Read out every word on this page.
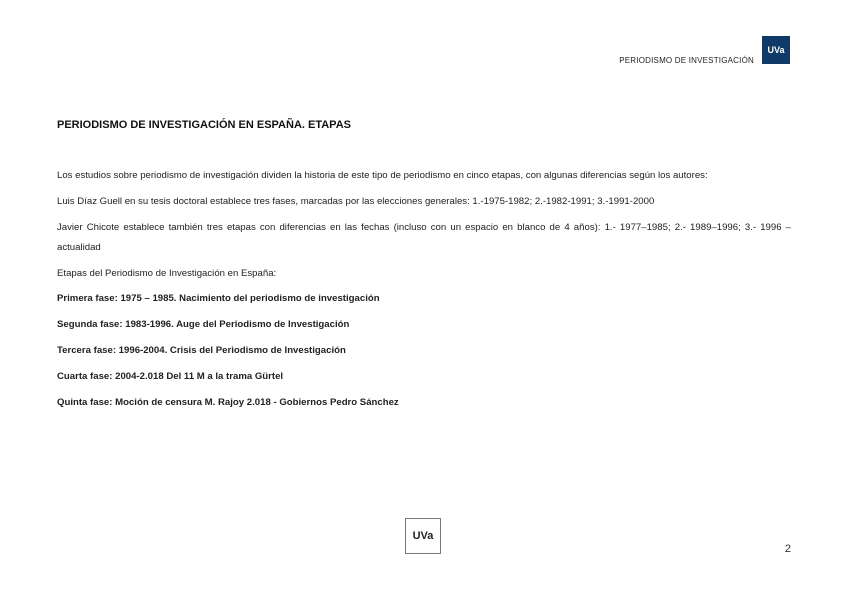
PERIODISMO DE INVESTIGACIÓN
UVa
PERIODISMO DE INVESTIGACIÓN EN ESPAÑA. ETAPAS

Los estudios sobre periodismo de investigación dividen la historia de este tipo de periodismo en cinco etapas, con algunas diferencias según los autores:

Luis Díaz Guell en su tesis doctoral establece tres fases, marcadas por las elecciones generales: 1.-1975-1982; 2.-1982-1991; 3.-1991-2000

Javier Chicote establece también tres etapas con diferencias en las fechas (incluso con un espacio en blanco de 4 años): 1.- 1977–1985; 2.- 1989–1996; 3.- 1996 – actualidad

Etapas del Periodismo de Investigación en España:

Primera fase: 1975 – 1985. Nacimiento del periodismo de investigación

Segunda fase: 1983-1996. Auge del Periodismo de Investigación

Tercera fase: 1996-2004. Crisis del Periodismo de Investigación

Cuarta fase: 2004-2.018 Del 11 M a la trama Gürtel

Quinta fase: Moción de censura M. Rajoy 2.018 - Gobiernos Pedro Sánchez

UVa
2
